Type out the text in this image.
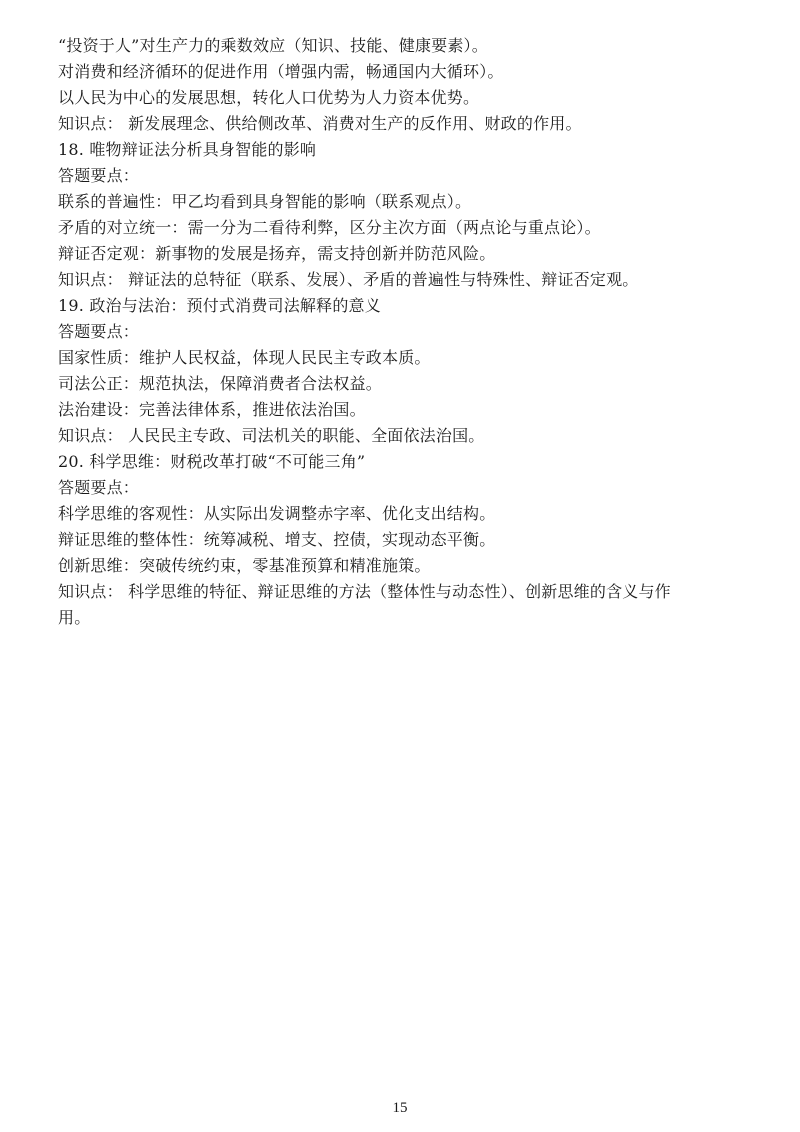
“投资于人”对生产力的乘数效应（知识、技能、健康要素）。
对消费和经济循环的促进作用（增强内需，畅通国内大循环）。
以人民为中心的发展思想，转化人口优势为人力资本优势。
知识点： 新发展理念、供给侧改革、消费对生产的反作用、财政的作用。
18. 唯物辩证法分析具身智能的影响
答题要点：
联系的普遍性：甲乙均看到具身智能的影响（联系观点）。
矛盾的对立统一：需一分为二看待利弊，区分主次方面（两点论与重点论）。
辩证否定观：新事物的发展是扬弃，需支持创新并防范风险。
知识点： 辩证法的总特征（联系、发展）、矛盾的普遍性与特殊性、辩证否定观。
19. 政治与法治：预付式消费司法解释的意义
答题要点：
国家性质：维护人民权益，体现人民民主专政本质。
司法公正：规范执法，保障消费者合法权益。
法治建设：完善法律体系，推进依法治国。
知识点： 人民民主专政、司法机关的职能、全面依法治国。
20. 科学思维：财税改革打破“不可能三角”
答题要点：
科学思维的客观性：从实际出发调整赤字率、优化支出结构。
辩证思维的整体性：统筹减税、增支、控债，实现动态平衡。
创新思维：突破传统约束，零基准预算和精准施策。
知识点： 科学思维的特征、辩证思维的方法（整体性与动态性）、创新思维的含义与作
用。
15
